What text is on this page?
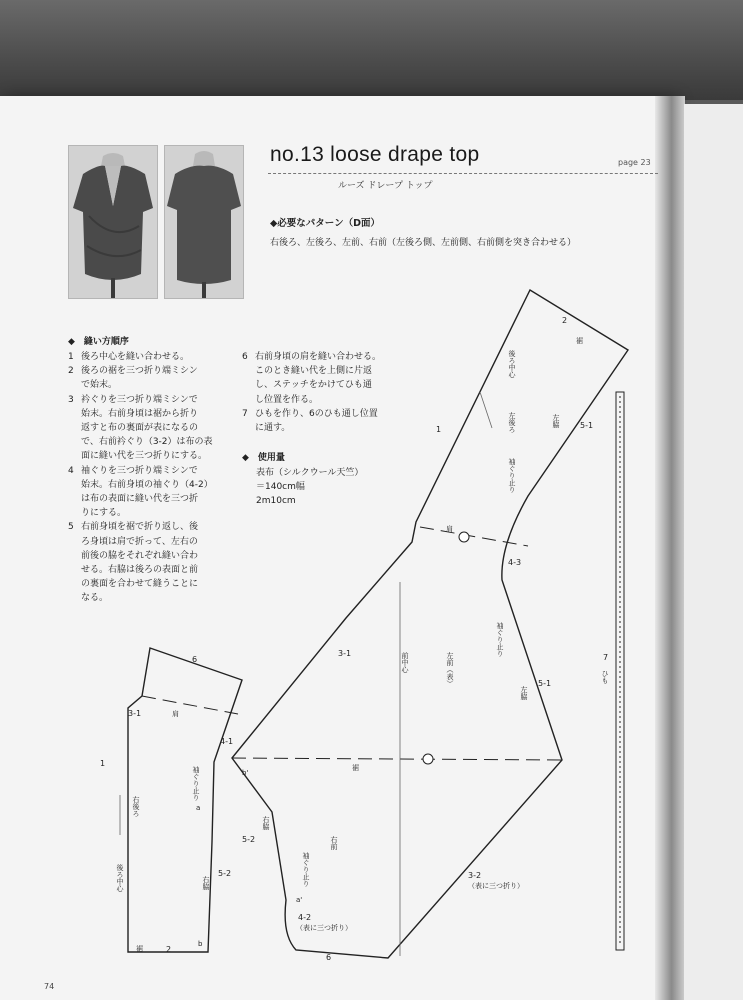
no.13 loose drape top	page 23
ルーズ ドレープ トップ
◆必要なパターン（D面）
右後ろ、左後ろ、左前、右前（左後ろ側、左前側、右前側を突き合わせる）
◆　縫い方順序
1 後ろ中心を縫い合わせる。
2 後ろの裾を三つ折り端ミシン
で始末。
3 衿ぐりを三つ折り端ミシンで
始末。右前身頃は裾から折り
返すと布の裏面が表になるの
で、右前衿ぐり（3-2）は布の表
面に縫い代を三つ折りにする。
4 袖ぐりを三つ折り端ミシンで
始末。右前身頃の袖ぐり（4-2）
は布の表面に縫い代を三つ折
りにする。
5 右前身頃を裾で折り返し、後
ろ身頃は肩で折って、左右の
前後の脇をそれぞれ縫い合わ
せる。右脇は後ろの表面と前
の裏面を合わせて縫うことに
なる。
6 右前身頃の肩を縫い合わせる。
このとき縫い代を上側に片返
し、ステッチをかけてひも通
し位置を作る。
7 ひもを作り、6のひも通し位置
に通す。
◆　使用量
表布（シルクウール天竺）
＝140cm幅
2m10cm
2
裾
1	5-1
4-3
肩
3-1
5-1
4-1
裾
b'
5-2
3-2
（表に三つ折り）
a'
4-2
（表に三つ折り）
6
6
3-1	肩
1
a
5-2
裾	2
b
7
後ろ中心
左後ろ	左脇
袖ぐり止り
袖ぐり止り
前中心	左前（表）
左脇
ひも
右脇
右前
袖ぐり止り
袖ぐり止り
右後ろ
右脇
後ろ中心
74
